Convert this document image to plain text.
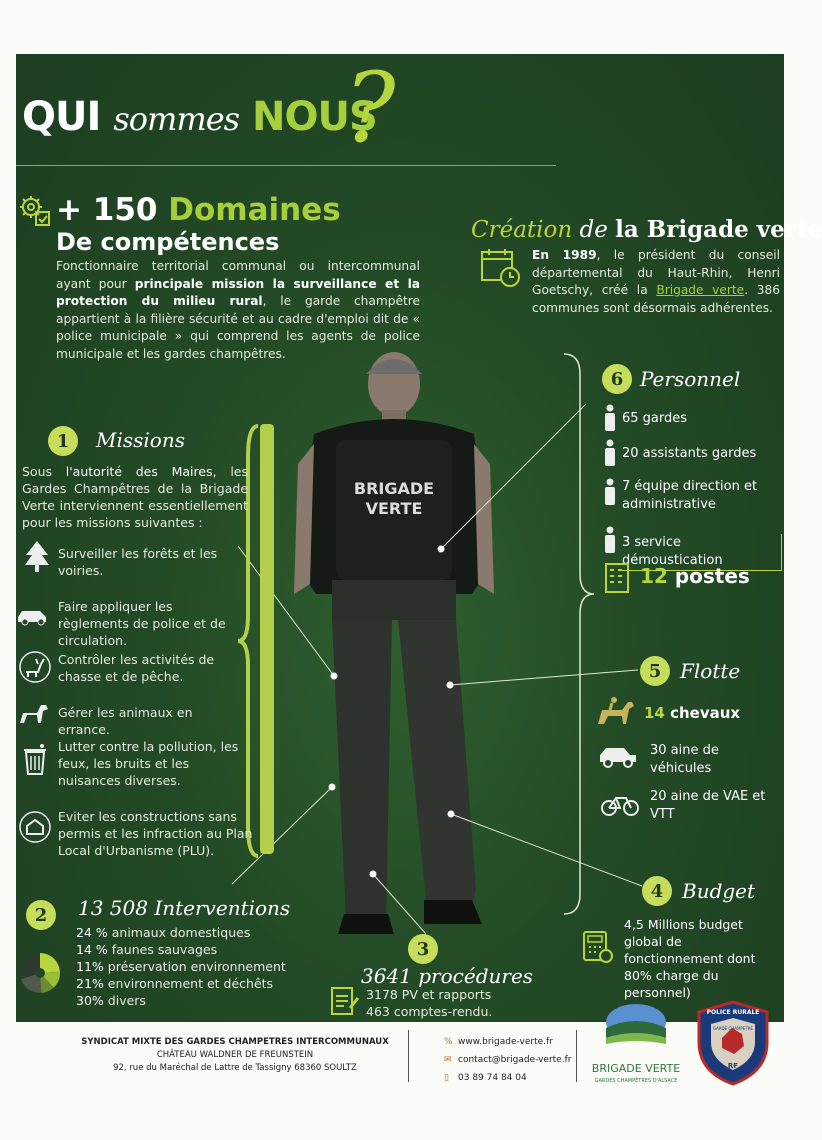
QUI sommes NOUS
?
+ 150 Domaines
De compétences
Fonctionnaire territorial communal ou intercommunal ayant pour principale mission la surveillance et la protection du milieu rural, le garde champêtre appartient à la filière sécurité et au cadre d'emploi dit de « police municipale » qui comprend les agents de police municipale et les gardes champêtres.
Création de la Brigade verte
En 1989, le président du conseil départemental du Haut-Rhin, Henri Goetschy, créé la Brigade verte. 386 communes sont désormais adhérentes.
BRIGADE
VERTE
1	Missions
Sous l'autorité des Maires, les Gardes Champêtres de la Brigade Verte interviennent essentiellement pour les missions suivantes :
Surveiller les forêts et les voiries.
Faire appliquer les règlements de police et de circulation.
Contrôler les activités de chasse et de pêche.
Gérer les animaux en errance.
Lutter contre la pollution, les feux, les bruits et les nuisances diverses.
Eviter les constructions sans permis et les infraction au Plan Local d'Urbanisme (PLU).
2	13 508 Interventions
24 % animaux domestiques
14 % faunes sauvages
11% préservation environnement
21% environnement et déchêts
30% divers
3
3641 procédures
3178 PV et rapports
463 comptes-rendu.
6 Personnel
65 gardes
20 assistants gardes
7 équipe direction et administrative
3 service démoustication
12 postes
5 Flotte
14 chevaux
30 aine de véhicules
20 aine de VAE et VTT
4 Budget
4,5 Millions budget global de fonctionnement dont 80% charge du personnel)
SYNDICAT MIXTE DES GARDES CHAMPETRES INTERCOMMUNAUX
CHÂTEAU WALDNER DE FREUNSTEIN
92, rue du Maréchal de Lattre de Tassigny 68360 SOULTZ
% www.brigade-verte.fr
✉ contact@brigade-verte.fr
▯ 03 89 74 84 04
BRIGADE VERTE
GARDES CHAMPÊTRES D'ALSACE
POLICE RURALE
GARDE CHAMPETRE
RF
